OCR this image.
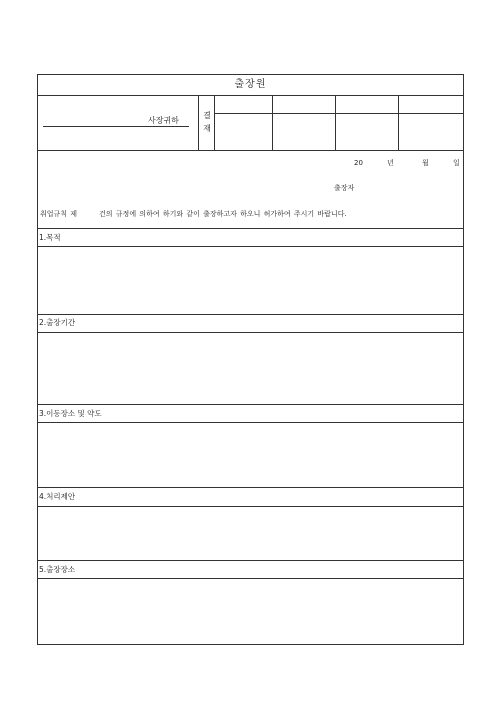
출장원
사장귀하
결
재
20	년	월	일
출장자
취업규칙 제	건의 규정에 의하여 하기와 같이 출장하고자 하오니 허가하여 주시기 바랍니다.
1.목적
2.출장기간
3.이동장소 및 약도
4.처리제안
5.출장장소
